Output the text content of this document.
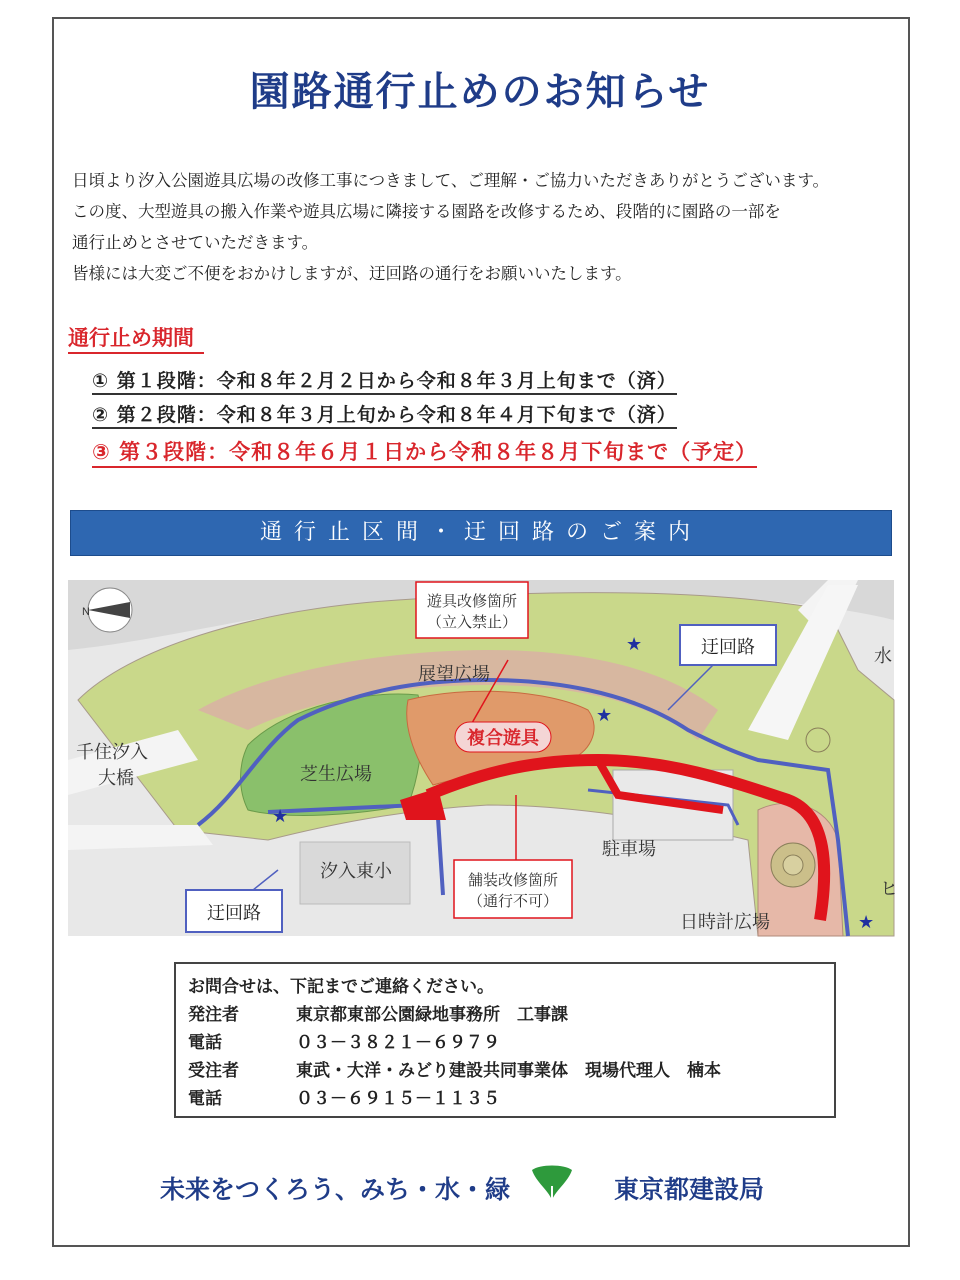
園路通行止めのお知らせ

日頃より汐入公園遊具広場の改修工事につきまして、ご理解・ご協力いただきありがとうございます。

この度、大型遊具の搬入作業や遊具広場に隣接する園路を改修するため、段階的に園路の一部を

通行止めとさせていただきます。

皆様には大変ご不便をおかけしますが、迂回路の通行をお願いいたします。

通行止め期間
① 第１段階：令和８年２月２日から令和８年３月上旬まで（済）
② 第２段階：令和８年３月上旬から令和８年４月下旬まで（済）
③ 第３段階：令和８年６月１日から令和８年８月下旬まで（予定）
通行止区間・迂回路のご案内
★
★
★
★
N
遊具改修箇所
（立入禁止）
舗装改修箇所
（通行不可）
迂回路
迂回路
展望広場
複合遊具
芝生広場
千住汐入
大橋
汐入東小
駐車場
日時計広場
水
ヒ
お問合せは、下記までご連絡ください。
発注者	東京都東部公園緑地事務所　工事課
電話	０３－３８２１－６９７９
受注者	東武・大洋・みどり建設共同事業体　現場代理人　楠本
電話	０３－６９１５－１１３５
未来をつくろう、みち・水・緑	東京都建設局
